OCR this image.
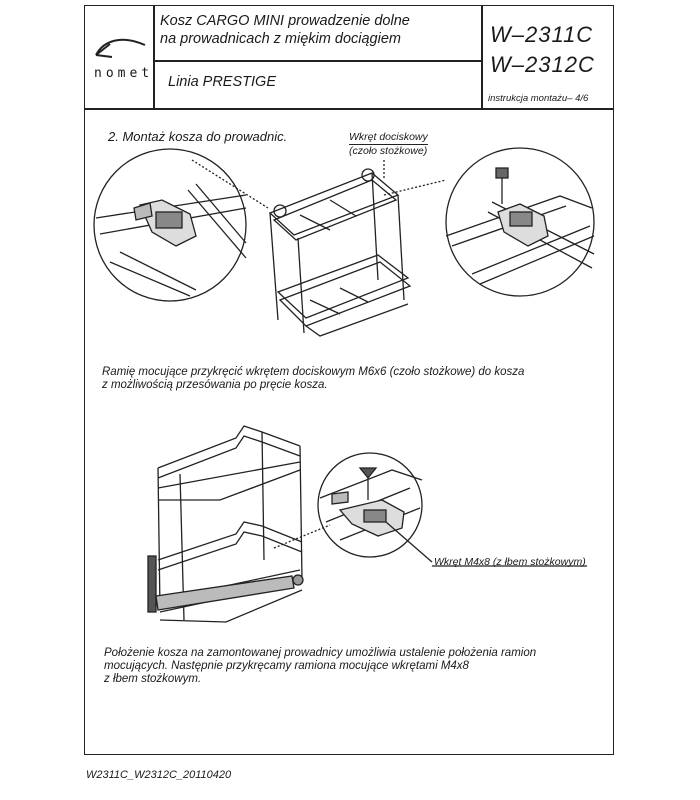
nomet
Kosz CARGO MINI prowadzenie dolne
na prowadnicach z miękim dociągiem
Linia PRESTIGE
W–2311C
W–2312C
instrukcja montażu– 4/6
2. Montaż kosza do prowadnic.	Wkręt dociskowy
(czoło stożkowe)
Ramię mocujące przykręcić wkrętem dociskowym M6x6 (czoło stożkowe) do kosza
z możliwością przesówania po pręcie kosza.
Wkręt M4x8 (z łbem stożkowym)
Położenie kosza na zamontowanej prowadnicy umożliwia ustalenie położenia ramion
mocujących. Następnie przykręcamy ramiona mocujące wkrętami M4x8
z łbem stożkowym.
W2311C_W2312C_20110420
